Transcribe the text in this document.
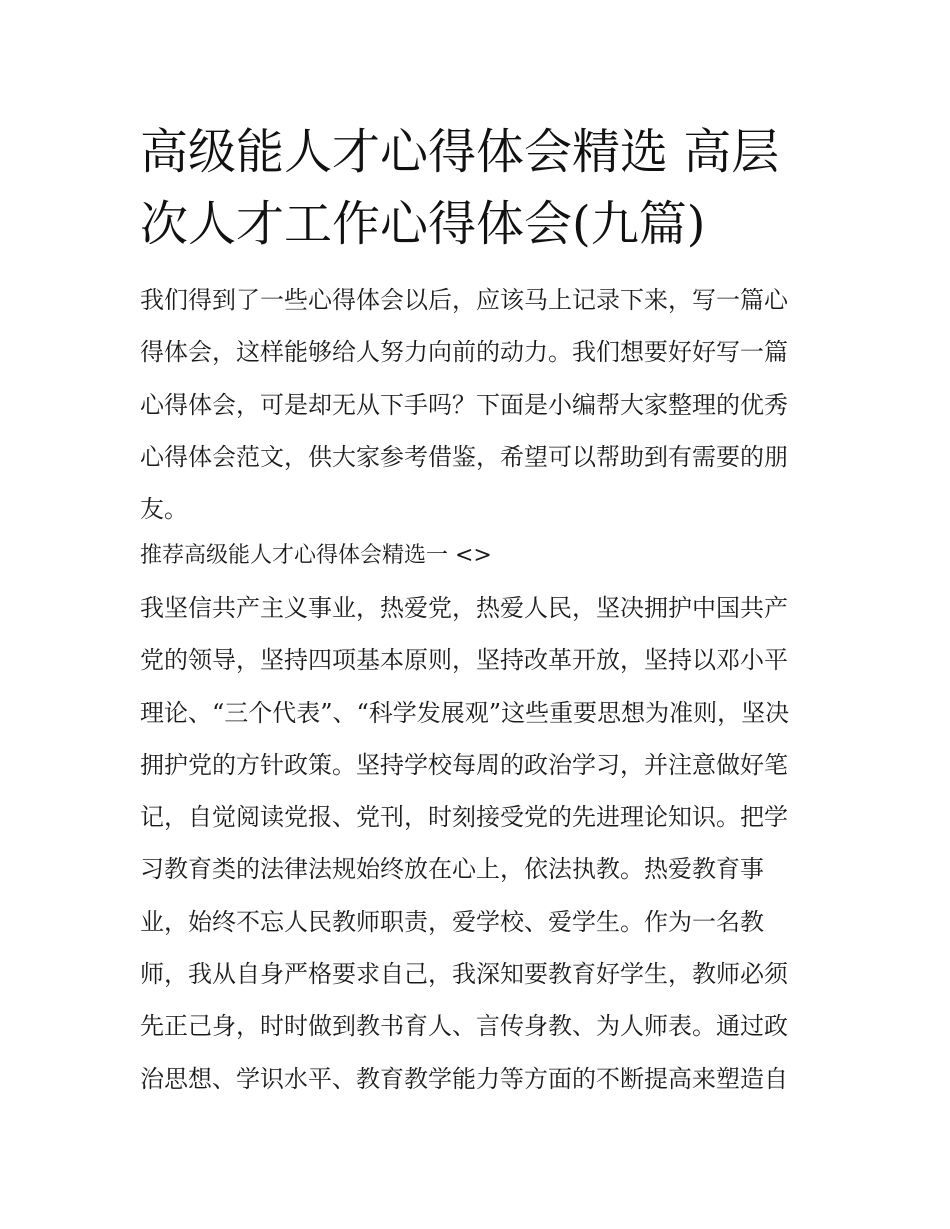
高级能人才心得体会精选 高层
次人才工作心得体会(九篇)
我们得到了一些心得体会以后，应该马上记录下来，写一篇心
得体会，这样能够给人努力向前的动力。我们想要好好写一篇
心得体会，可是却无从下手吗？下面是小编帮大家整理的优秀
心得体会范文，供大家参考借鉴，希望可以帮助到有需要的朋
友。

推荐高级能人才心得体会精选一 <>

我坚信共产主义事业，热爱党，热爱人民，坚决拥护中国共产
党的领导，坚持四项基本原则，坚持改革开放，坚持以邓小平
理论、“三个代表”、“科学发展观”这些重要思想为准则，坚决
拥护党的方针政策。坚持学校每周的政治学习，并注意做好笔
记，自觉阅读党报、党刊，时刻接受党的先进理论知识。把学
习教育类的法律法规始终放在心上，依法执教。热爱教育事
业，始终不忘人民教师职责，爱学校、爱学生。作为一名教
师，我从自身严格要求自己，我深知要教育好学生，教师必须
先正己身，时时做到教书育人、言传身教、为人师表。通过政
治思想、学识水平、教育教学能力等方面的不断提高来塑造自
